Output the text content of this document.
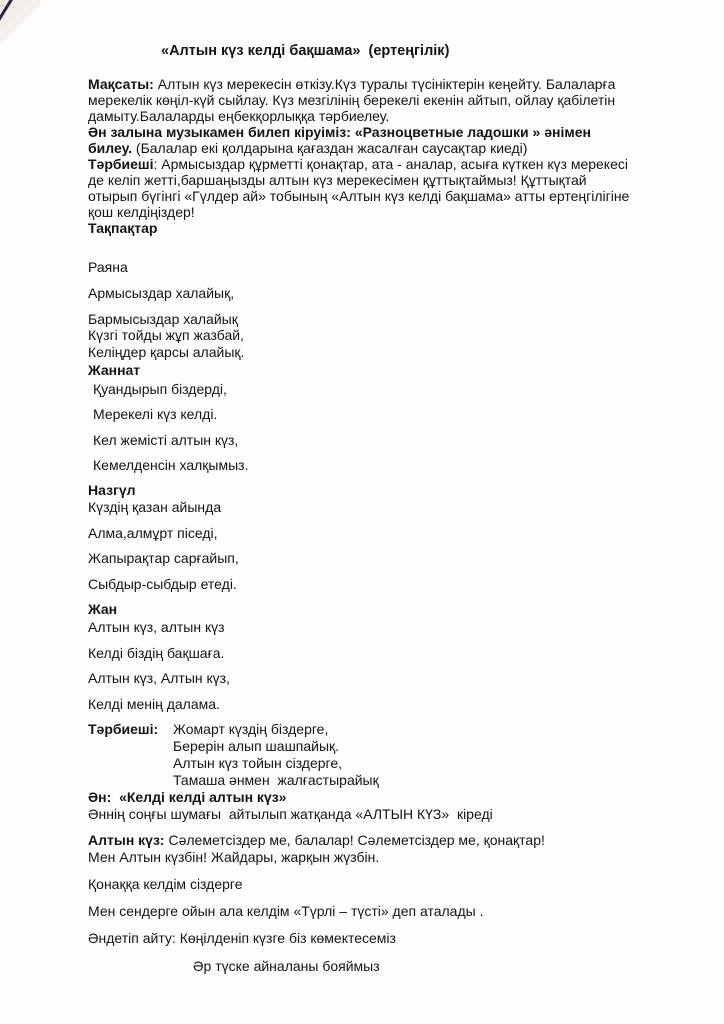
«Алтын күз келді бақшама»  (ертеңгілік)
Мақсаты: Алтын күз мерекесін өткізу.Күз туралы түсініктерін кеңейту. Балаларға
мерекелік көңіл-күй сыйлау. Күз мезгілінің берекелі екенін айтып, ойлау қабілетін
дамыту.Балаларды еңбекқорлыққа тәрбиелеу.
Ән залына музыкамен билеп кіруіміз: «Разноцветные ладошки » әнімен
билеу. (Балалар екі қолдарына қағаздан жасалған саусақтар киеді)
Тәрбиеші: Армысыздар құрметті қонақтар, ата - аналар, асыға күткен күз мерекесі
де келіп жетті,баршаңызды алтын күз мерекесімен құттықтаймыз! Құттықтай
отырып бүгінгі «Гүлдер ай» тобының «Алтын күз келді бақшама» атты ертеңгілігіне
қош келдіңіздер!
Тақпақтар
Раяна
Армысыздар халайық,
Бармысыздар халайық
Күзгі тойды жұп жазбай,
Келіңдер қарсы алайық.
Жаннат
Қуандырып біздерді,
Мерекелі күз келді.
Кел жемісті алтын күз,
Кемелденсін халқымыз.
Назгүл
Күздің қазан айында
Алма,алмұрт піседі,
Жапырақтар сарғайып,
Сыбдыр-сыбдыр етеді.
Жан
Алтын күз, алтын күз
Келді біздің бақшаға.
Алтын күз, Алтын күз,
Келді менің далама.
Тәрбиеші: Жомарт күздің біздерге,
Берерін алып шашпайық.
Алтын күз тойын сіздерге,
Тамаша әнмен  жалғастырайық
Ән:  «Келді келді алтын күз»
Әннің соңғы шумағы  айтылып жатқанда «АЛТЫН КҮЗ»  кіреді
Алтын күз: Сәлеметсіздер ме, балалар! Сәлеметсіздер ме, қонақтар!
Мен Алтын күзбін! Жайдары, жарқын жүзбін.
Қонаққа келдім сіздерге
Мен сендерге ойын ала келдім «Түрлі – түсті» деп аталады .
Әндетіп айту: Көңілденіп күзге біз көмектесеміз
Әр түске айналаны бояймыз
